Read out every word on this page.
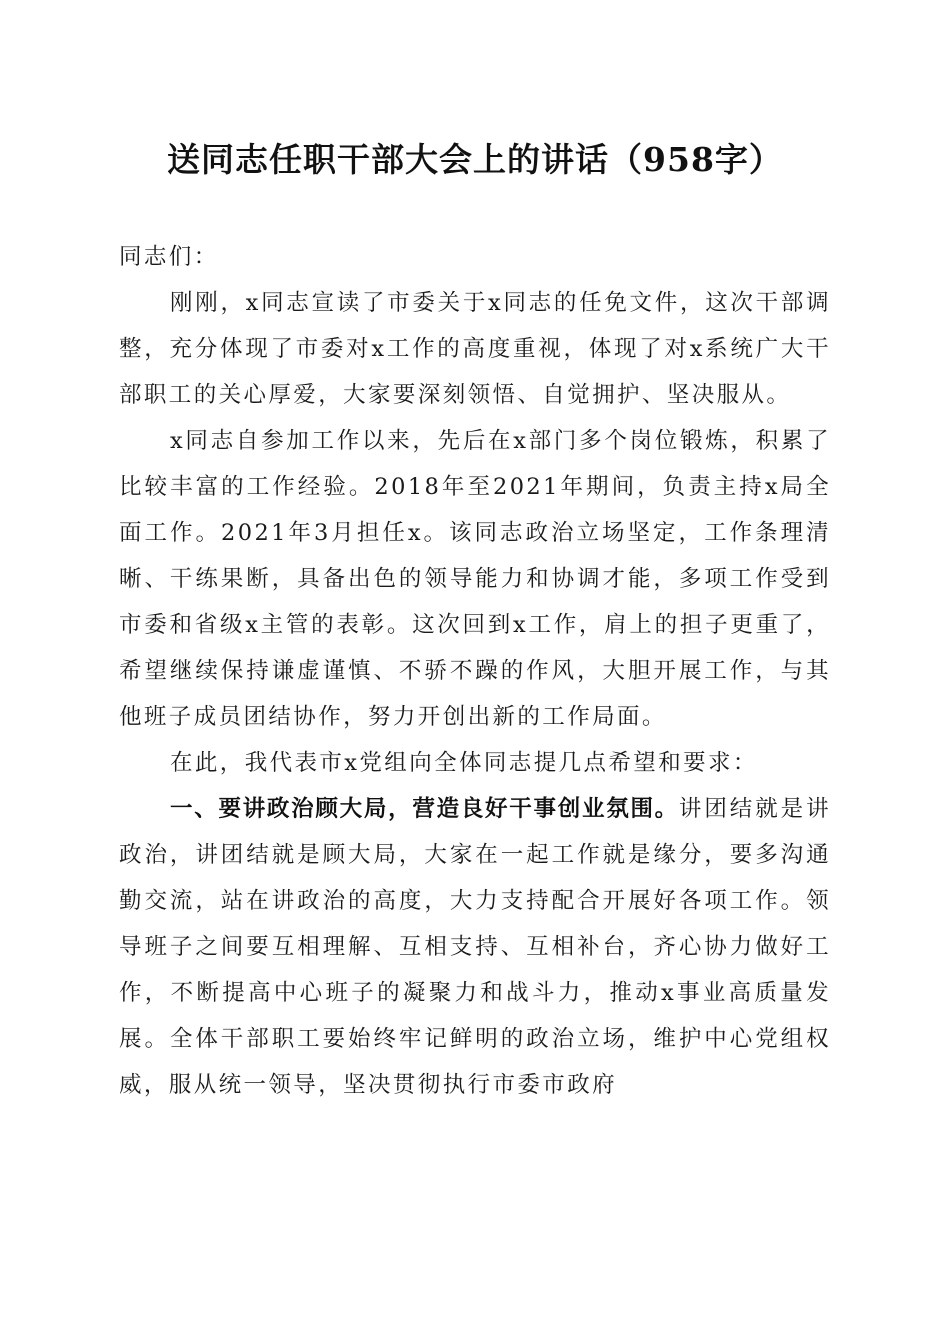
送同志任职干部大会上的讲话（958字）

同志们：

刚刚，x同志宣读了市委关于x同志的任免文件，这次干部调整，充分体现了市委对x工作的高度重视，体现了对x系统广大干部职工的关心厚爱，大家要深刻领悟、自觉拥护、坚决服从。

x同志自参加工作以来，先后在x部门多个岗位锻炼，积累了比较丰富的工作经验。2018年至2021年期间，负责主持x局全面工作。2021年3月担任x。该同志政治立场坚定，工作条理清晰、干练果断，具备出色的领导能力和协调才能，多项工作受到市委和省级x主管的表彰。这次回到x工作，肩上的担子更重了，希望继续保持谦虚谨慎、不骄不躁的作风，大胆开展工作，与其他班子成员团结协作，努力开创出新的工作局面。

在此，我代表市x党组向全体同志提几点希望和要求：

一、要讲政治顾大局，营造良好干事创业氛围。讲团结就是讲政治，讲团结就是顾大局，大家在一起工作就是缘分，要多沟通勤交流，站在讲政治的高度，大力支持配合开展好各项工作。领导班子之间要互相理解、互相支持、互相补台，齐心协力做好工作，不断提高中心班子的凝聚力和战斗力，推动x事业高质量发展。全体干部职工要始终牢记鲜明的政治立场，维护中心党组权威，服从统一领导，坚决贯彻执行市委市政府
